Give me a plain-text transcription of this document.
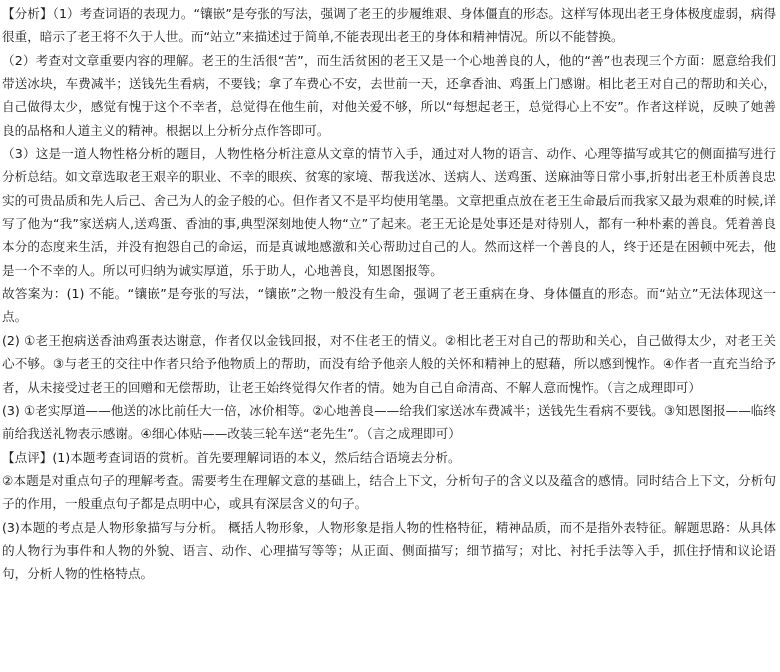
【分析】（1）考查词语的表现力。“镶嵌”是夸张的写法，强调了老王的步履维艰、身体僵直的形态。这样写体现出老王身体极度虚弱，病得很重，暗示了老王将不久于人世。而“站立”来描述过于简单,不能表现出老王的身体和精神情况。所以不能替换。

（2）考查对文章重要内容的理解。老王的生活很“苦”，而生活贫困的老王又是一个心地善良的人，他的“善”也表现三个方面：愿意给我们带送冰块，车费减半；送钱先生看病，不要钱；拿了车费心不安，去世前一天，还拿香油、鸡蛋上门感谢。相比老王对自己的帮助和关心，自己做得太少，感觉有愧于这个不幸者，总觉得在他生前，对他关爱不够，所以“每想起老王，总觉得心上不安”。作者这样说，反映了她善良的品格和人道主义的精神。根据以上分析分点作答即可。

（3）这是一道人物性格分析的题目，人物性格分析注意从文章的情节入手，通过对人物的语言、动作、心理等描写或其它的侧面描写进行分析总结。如文章选取老王艰辛的职业、不幸的眼疾、贫寒的家境、帮我送冰、送病人、送鸡蛋、送麻油等日常小事,折射出老王朴质善良忠实的可贵品质和先人后己、舍己为人的金子般的心。但作者又不是平均使用笔墨。文章把重点放在老王生命最后而我家又最为艰难的时候,详写了他为“我”家送病人,送鸡蛋、香油的事,典型深刻地使人物“立”了起来。老王无论是处事还是对待别人，都有一种朴素的善良。凭着善良本分的态度来生活，并没有抱怨自己的命运，而是真诚地感激和关心帮助过自己的人。然而这样一个善良的人，终于还是在困顿中死去，他是一个不幸的人。所以可归纳为诚实厚道，乐于助人，心地善良，知恩图报等。

故答案为：(1) 不能。“镶嵌”是夸张的写法，“镶嵌”之物一般没有生命，强调了老王重病在身、身体僵直的形态。而“站立”无法体现这一点。

(2) ①老王抱病送香油鸡蛋表达谢意，作者仅以金钱回报，对不住老王的情义。②相比老王对自己的帮助和关心，自己做得太少，对老王关心不够。③与老王的交往中作者只给予他物质上的帮助，而没有给予他亲人般的关怀和精神上的慰藉，所以感到愧怍。④作者一直充当给予者，从未接受过老王的回赠和无偿帮助，让老王始终觉得欠作者的情。她为自己自命清高、不解人意而愧怍。（言之成理即可）

(3) ①老实厚道——他送的冰比前任大一倍，冰价相等。②心地善良——给我们家送冰车费减半；送钱先生看病不要钱。③知恩图报——临终前给我送礼物表示感谢。④细心体贴——改装三轮车送“老先生”。（言之成理即可）

【点评】(1)本题考查词语的赏析。首先要理解词语的本义，然后结合语境去分析。

②本题是对重点句子的理解考查。需要考生在理解文意的基础上，结合上下文，分析句子的含义以及蕴含的感情。同时结合上下文，分析句子的作用，一般重点句子都是点明中心，或具有深层含义的句子。

(3)本题的考点是人物形象描写与分析。 概括人物形象，人物形象是指人物的性格特征，精神品质，而不是指外表特征。解题思路：从具体的人物行为事件和人物的外貌、语言、动作、心理描写等等；从正面、侧面描写；细节描写；对比、衬托手法等入手，抓住抒情和议论语句，分析人物的性格特点。
